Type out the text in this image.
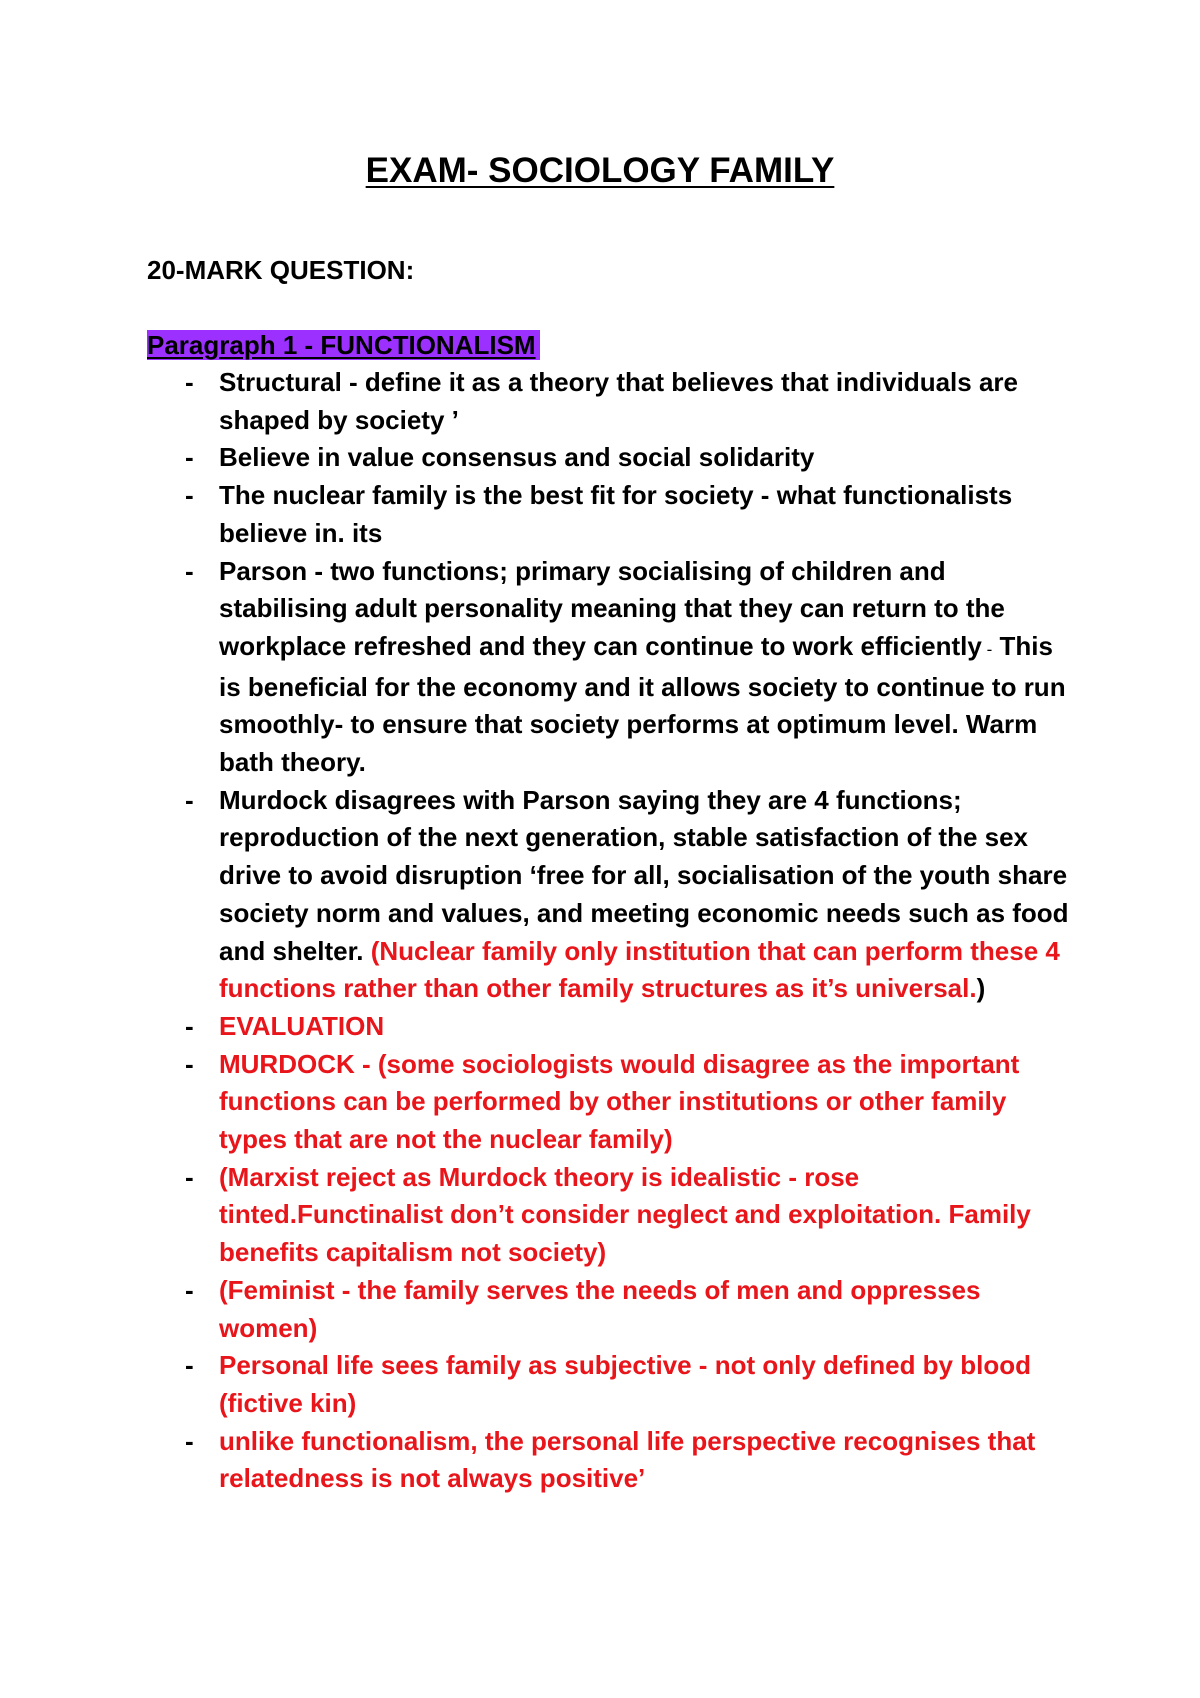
EXAM- SOCIOLOGY FAMILY

20-MARK QUESTION:

Paragraph 1 - FUNCTIONALISM

- Structural - define it as a theory that believes that individuals are shaped by society ’
- Believe in value consensus and social solidarity
- The nuclear family is the best fit for society - what functionalists believe in. its
- Parson - two functions; primary socialising of children and stabilising adult personality meaning that they can return to the workplace refreshed and they can continue to work efficiently - This is beneficial for the economy and it allows society to continue to run smoothly- to ensure that society performs at optimum level. Warm bath theory.
- Murdock disagrees with Parson saying they are 4 functions; reproduction of the next generation, stable satisfaction of the sex drive to avoid disruption ‘free for all, socialisation of the youth share society norm and values, and meeting economic needs such as food and shelter. (Nuclear family only institution that can perform these 4 functions rather than other family structures as it’s universal.)
- EVALUATION
- MURDOCK - (some sociologists would disagree as the important functions can be performed by other institutions or other family types that are not the nuclear family)
- (Marxist reject as Murdock theory is idealistic - rose tinted.Functinalist don’t consider neglect and exploitation. Family benefits capitalism not society)
- (Feminist - the family serves the needs of men and oppresses women)
- Personal life sees family as subjective - not only defined by blood (fictive kin)
- unlike functionalism, the personal life perspective recognises that relatedness is not always positive’
